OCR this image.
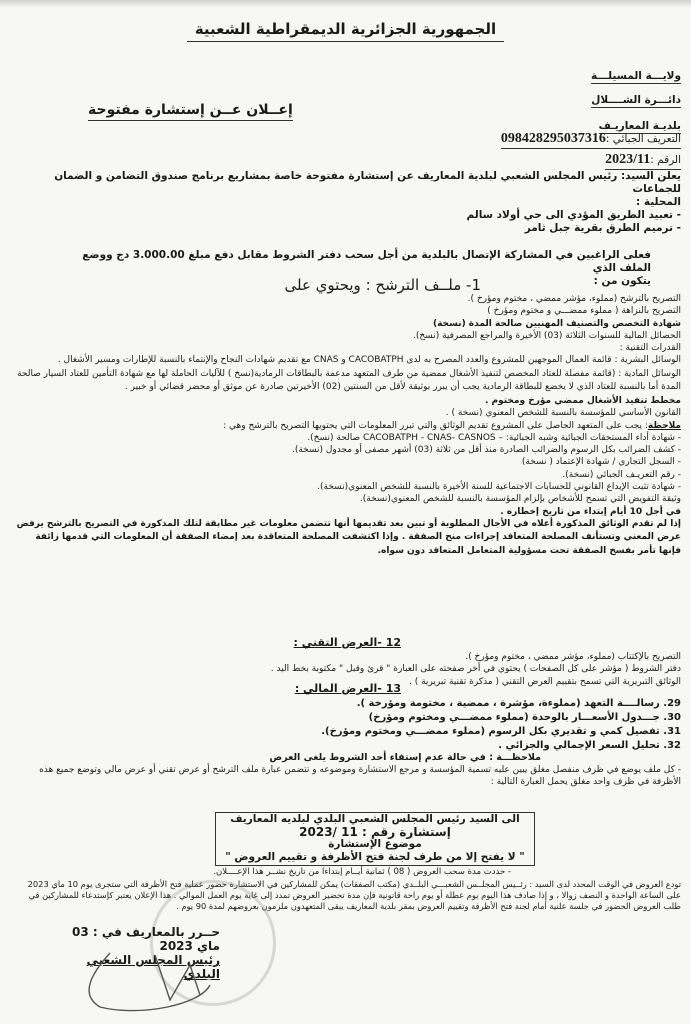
الجمهورية الجزائرية الديمقراطية الشعبية
ولايـــة المسيلـــة
دائـــرة الشــــلال
بلديـة المعاريـف
إعــلان عــن إستشارة مفتوحة
التعريف الجبائي :098428295037316
الرقم :2023/11
يعلن السيد: رئيس المجلس الشعبي لبلدية المعاريف عن إستشارة مفتوحة خاصة بمشاريع برنامج صندوق التضامن و الضمان للجماعات
المحلية :
- تعبيد الطريق المؤدي الى حي أولاد سالم
- ترميم الطرق بقرية جبل ثامر
فعلى الراغبين في المشاركة الإتصال بالبلدية من أجل سحب دفتر الشروط مقابل دفع مبلغ 3.000.00 دج ووضع الملف الذي
يتكون من :
1- ملــف الترشح : ويحتوي على
التصريح بالترشح (مملوء، مؤشر ممضي ، مختوم ومؤرخ ).
التصريح بالنزاهة ( مملوء ممضـــي و مختوم ومؤرخ )
شهادة التخصص والتصنيف المهنيين صالحة المدة (نسخة)
الحصائل المالية للسنوات الثلاثة (03) الأخيرة والمراجع المصرفية (نسخ).
القدرات التقنية :
الوسائل البشرية : قائمة العمال الموجهين للمشروع والعدد المصرح به لدى CACOBATPH و CNAS مع تقديم شهادات النجاح والإنتماء بالنسبة للإطارات ومسير الأشغال .
الوسائل المادية : (قائمة مفصلة للعتاد المخصص لتنفيذ الأشغال ممضية من طرف المتعهد مدعمة بالبطاقات الرمادية(نسخ ) للآليات الحاملة لها مع شهادة التأمين للعتاد السيار صالحة المدة أما بالنسبة للعتاد الذي لا يخضع للبطاقة الرمادية يجب أن يبرر بوثيقة لأقل من السنتين (02) الأخيرتين صادرة عن موثق أو محضر قضائي أو خبير .
مخطط تنفيذ الأشغال ممضي مؤرخ ومختوم .
القانون الأساسي للمؤسسة بالنسبة للشخص المعنوي (نسخة ) .
ملاحظة: يجب على المتعهد الحاصل على المشروع تقديم الوثائق والتي تبرر المعلومات التي يحتويها التصريح بالترشح وهي :
- شهادة أداء المستحقات الجبائية وشبه الجبائية: – CACOBATPH - CNAS- CASNOS صالحة (نسخ).
- كشف الضرائب بكل الرسوم والضرائب الصادرة منذ أقل من ثلاثة (03) أشهر مصفى أو مجدول (نسخة).
- السجل التجاري / شهادة الإعتماد ( نسخة)
- رقم التعريـف الجبائي (نسخة).
- شهادة تثبت الإيداع القانوني للحسابات الاجتماعية للسنة الأخيرة بالنسبة للشخص المعنوي(نسخة).
وثيقة التفويض التي تسمح للأشخاص بإلزام المؤسسة بالنسبة للشخص المعنوي(نسخة).
في أجل 10 أيام إبتداء من تاريخ إخطاره .
إذا لم تقدم الوثائق المذكورة أعلاه في الأجال المطلوبة أو تبين بعد تقديمها أنها تتضمن معلومات غير مطابقة لتلك المذكورة في التصريح بالترشح يرفض عرض المعني وتستأنف المصلحة المتعاقد إجراءات منح الصفقة . وإذا اكتشفت المصلحة المتعاقدة بعد إمضاء الصفقة أن المعلومات التي قدمها زائفة فإنها تأمر بفسخ الصفقة تحت مسؤولية المتعامل المتعاقد دون سواه.
12 -العرض التقني :
التصريح بالإكتتاب (مملوء، مؤشر ممضي ، مختوم ومؤرخ ).
دفتر الشروط ( مؤشر على كل الصفحات ) يحتوي في أخر صفحته على العبارة " قرئ وقبل " مكتوبة بخط اليد .
الوثائق التبريرية التي تسمح بتقييم العرض التقني ( مذكرة تقنية تبريرية ) .
13 -العرض المالي :
29. رسالــــة التعهد (مملوءة، مؤشرة ، ممضية ، مختومة ومؤرخة ).
30. جـــدول الأسعـــار بالوحدة (مملوء ممضـــي ومختوم ومؤرخ)
31. تفصيل كمي و تقديري بكل الرسوم (مملوء ممضـــي ومختوم ومؤرخ).
32. تحليل السعر الإجمالي والجزائي .
ملاحظـــة : في حالة عدم إستفاء أحد الشروط يلغى العرض
- كل ملف يوضع في ظرف منفصل مغلق يبين عليه تسمية المؤسسة و مرجع الاستشارة وموضوعه و تتضمن عبارة ملف الترشح أو عرض تقني أو عرض مالي وتوضع جميع هذه الأظرفة في ظرف واحد مغلق يحمل العبارة التالية :
الى السيد رئيس المجلس الشعبي البلدي لبلديه المعاريف
إستشارة رقم : 11 /2023
موضوع الإستشارة
" لا يفتح إلا من طرف لجنة فتح الأظرفة و تقييم العروض "
- حددت مدة سحب العروض ( 08 ) ثمانية أيــام إبتداءا من تاريخ نشــر هذا الإعــــلان.
تودع العروض في الوقت المحدد لدى السيد : رئــيس المجلــس الشعبـــي البلــدي (مكتب الصفقات) يمكن للمشاركين في الاستشارة حضور عملية فتح الأظرفة التي ستجرى يوم 10 ماي 2023 على الساعة الواحدة و النصف زوالا ، و إذا صادف هذا اليوم يوم عطلة أو يوم راحة قانونية فإن مدة تحضير العروض تمدد إلى غاية يوم العمل الموالي . هذا الإعلان يعتبر كإستدعاء للمشاركين في طلب العروض الحضور في جلسة علنية أمام لجنة فتح الأظرفة وتقييم العروض بمقر بلدية المعاريف يبقى المتعهدون ملزمون بعروضهم لمدة 90 يوم .
حــرر بالمعاريف في : 03 ماي 2023
رئيس المجلس الشعبي البلدي
